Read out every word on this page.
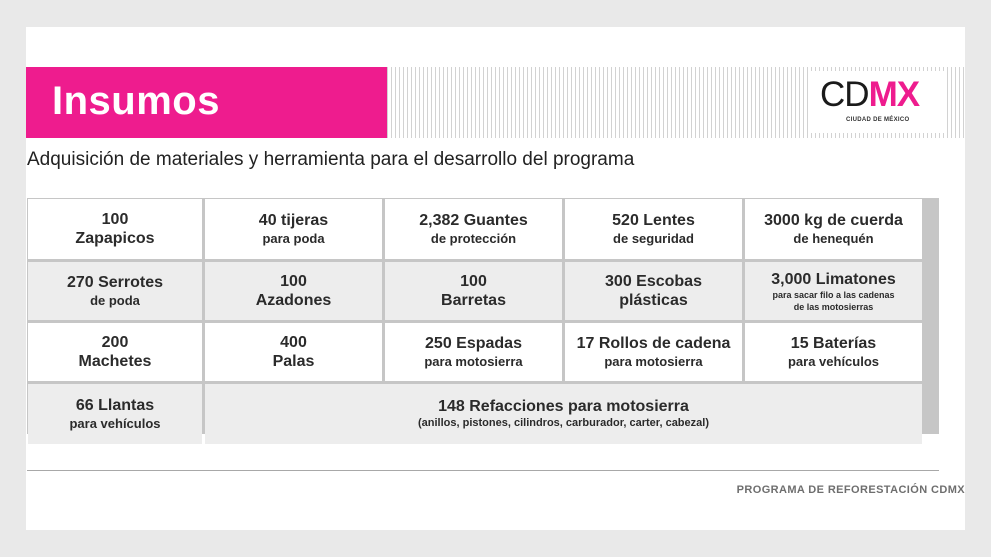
Insumos	CDMX
CIUDAD DE MÉXICO
Adquisición de materiales y herramienta para el desarrollo del programa
100
Zapapicos
40 tijeras
para poda
2,382 Guantes
de protección
520 Lentes
de seguridad
3000 kg de cuerda
de henequén
270 Serrotes
de poda
100
Azadones
100
Barretas
300 Escobas
plásticas
3,000 Limatones
para sacar filo a las cadenas
de las motosierras
200
Machetes
400
Palas
250 Espadas
para motosierra
17 Rollos de cadena
para motosierra
15 Baterías
para vehículos
66 Llantas
para vehículos
148 Refacciones para motosierra
(anillos, pistones, cilindros, carburador, carter, cabezal)
PROGRAMA DE REFORESTACIÓN CDMX
